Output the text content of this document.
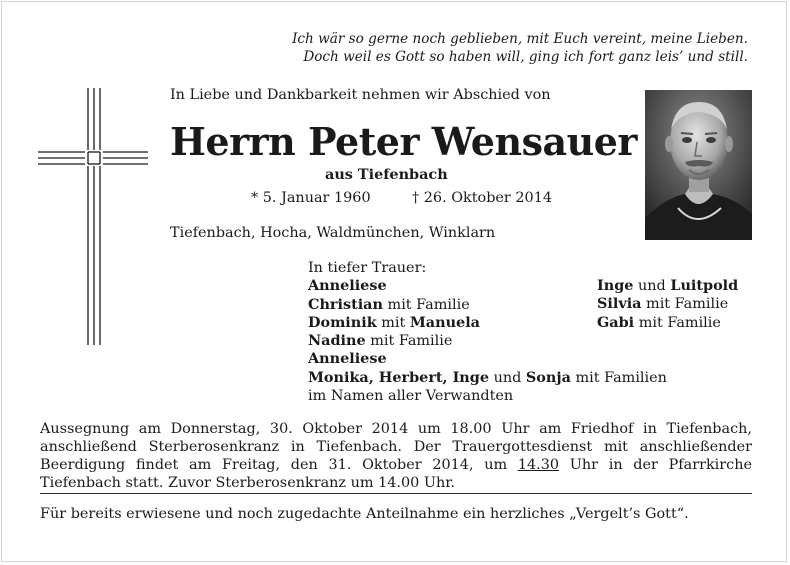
Ich wär so gerne noch geblieben, mit Euch vereint, meine Lieben.
Doch weil es Gott so haben will, ging ich fort ganz leis’ und still.
In Liebe und Dankbarkeit nehmen wir Abschied von
Herrn Peter Wensauer
aus Tiefenbach
* 5. Januar 1960	† 26. Oktober 2014
Tiefenbach, Hocha, Waldmünchen, Winklarn
In tiefer Trauer:
Anneliese
Christian mit Familie
Dominik mit Manuela
Nadine mit Familie
Anneliese
Monika, Herbert, Inge und Sonja mit Familien
im Namen aller Verwandten
Inge und Luitpold
Silvia mit Familie
Gabi mit Familie
Aussegnung am Donnerstag, 30. Oktober 2014 um 18.00 Uhr am Friedhof in Tiefenbach, anschließend Sterberosenkranz in Tiefenbach. Der Trauergottesdienst mit anschließender Beerdigung findet am Freitag, den 31. Oktober 2014, um 14.30 Uhr in der Pfarrkirche Tiefenbach statt. Zuvor Sterberosenkranz um 14.00 Uhr.
Für bereits erwiesene und noch zugedachte Anteilnahme ein herzliches „Vergelt’s Gott“.
